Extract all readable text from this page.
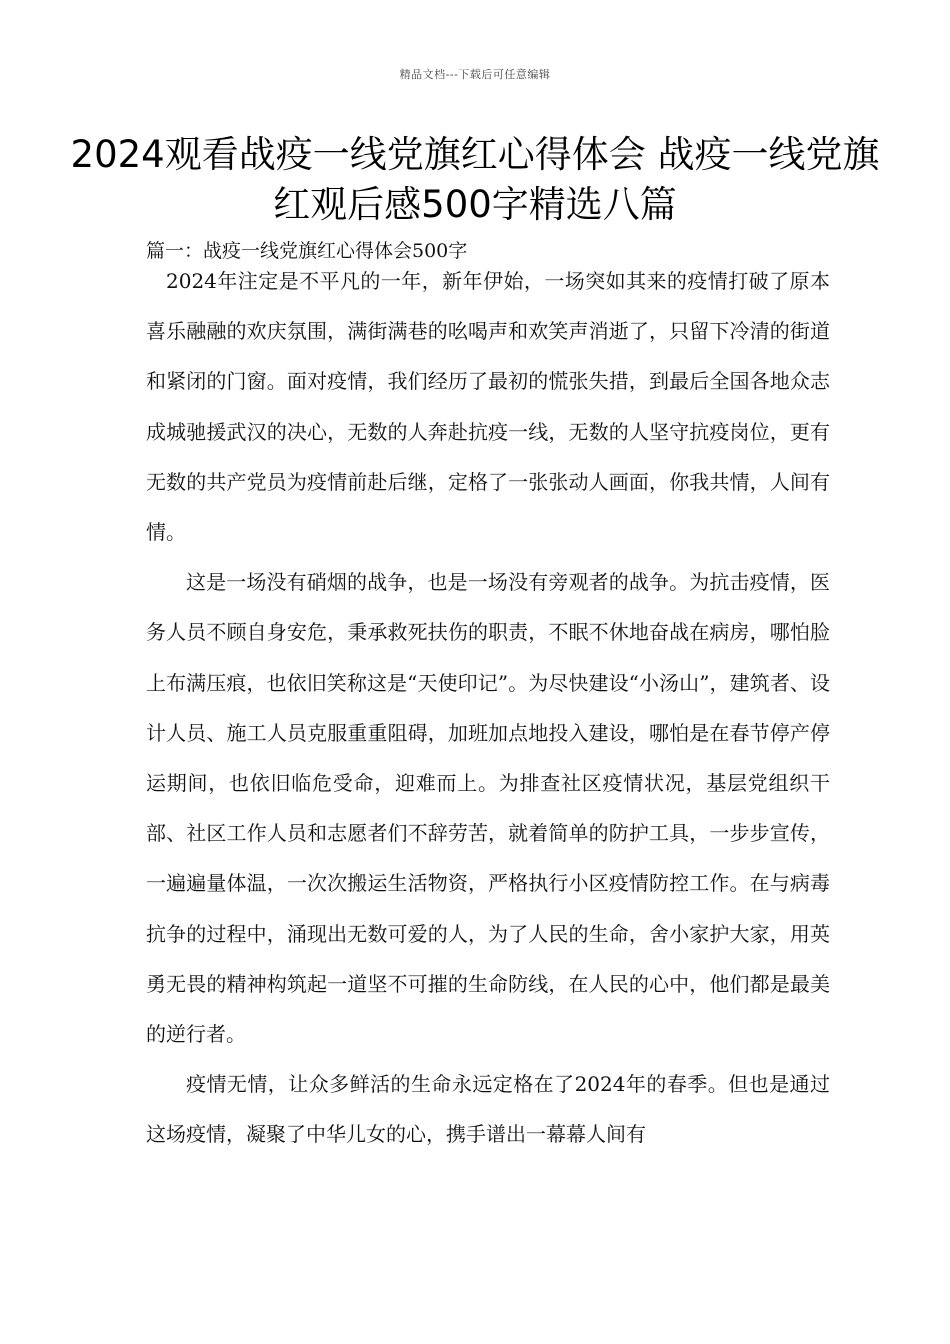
精品文档---下载后可任意编辑
2024观看战疫一线党旗红心得体会 战疫一线党旗红观后感500字精选八篇
篇一：战疫一线党旗红心得体会500字

2024年注定是不平凡的一年，新年伊始，一场突如其来的疫情打破了原本喜乐融融的欢庆氛围，满街满巷的吆喝声和欢笑声消逝了，只留下冷清的街道和紧闭的门窗。面对疫情，我们经历了最初的慌张失措，到最后全国各地众志成城驰援武汉的决心，无数的人奔赴抗疫一线，无数的人坚守抗疫岗位，更有无数的共产党员为疫情前赴后继，定格了一张张动人画面，你我共情，人间有情。

这是一场没有硝烟的战争，也是一场没有旁观者的战争。为抗击疫情，医务人员不顾自身安危，秉承救死扶伤的职责，不眠不休地奋战在病房，哪怕脸上布满压痕，也依旧笑称这是“天使印记”。为尽快建设“小汤山”，建筑者、设计人员、施工人员克服重重阻碍，加班加点地投入建设，哪怕是在春节停产停运期间，也依旧临危受命，迎难而上。为排查社区疫情状况，基层党组织干部、社区工作人员和志愿者们不辞劳苦，就着简单的防护工具，一步步宣传，一遍遍量体温，一次次搬运生活物资，严格执行小区疫情防控工作。在与病毒抗争的过程中，涌现出无数可爱的人，为了人民的生命，舍小家护大家，用英勇无畏的精神构筑起一道坚不可摧的生命防线，在人民的心中，他们都是最美的逆行者。

疫情无情，让众多鲜活的生命永远定格在了2024年的春季。但也是通过这场疫情，凝聚了中华儿女的心，携手谱出一幕幕人间有
